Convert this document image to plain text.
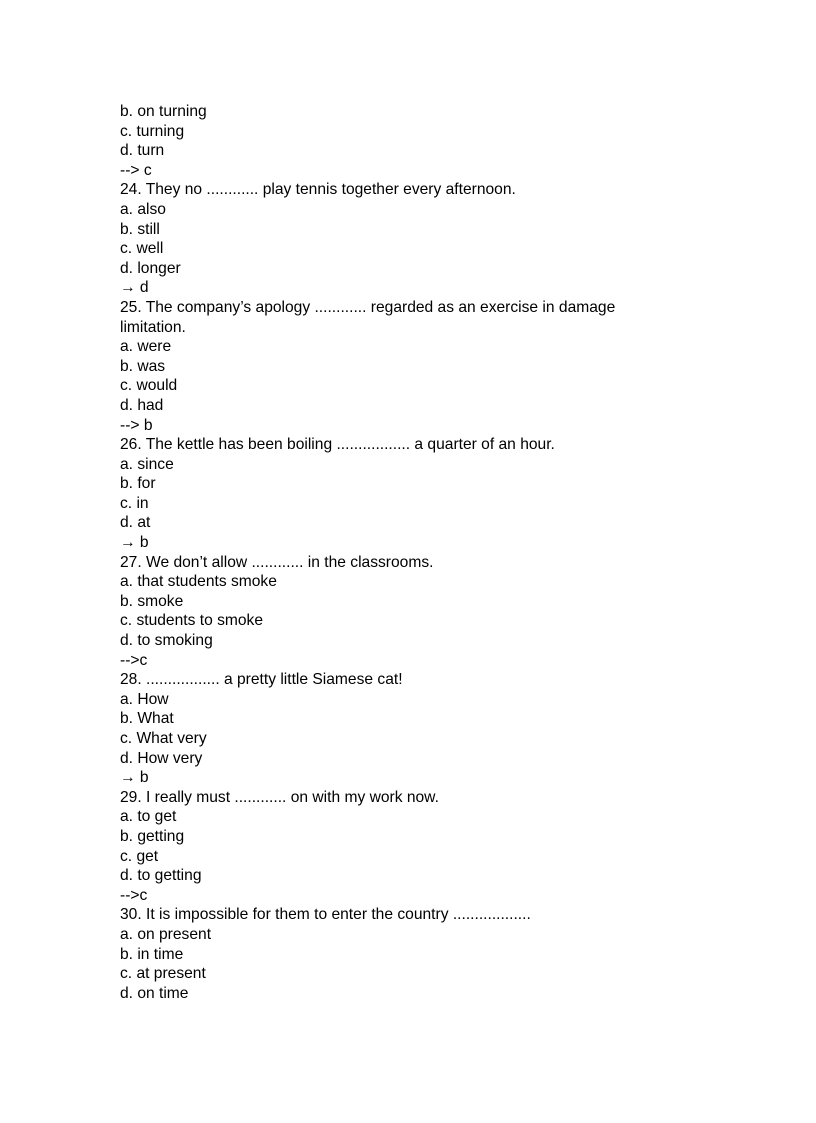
b. on turning
c. turning
d. turn
--> c
24. They no ............ play tennis together every afternoon.
a. also
b. still
c. well
d. longer
→ d
25. The company’s apology ............ regarded as an exercise in damage limitation.
a. were
b. was
c. would
d. had
--> b
26. The kettle has been boiling ................. a quarter of an hour.
a. since
b. for
c. in
d. at
→ b
27. We don’t allow ............ in the classrooms.
a. that students smoke
b. smoke
c. students to smoke
d. to smoking
-->c
28. ................. a pretty little Siamese cat!
a. How
b. What
c. What very
d. How very
→ b
29. I really must ............ on with my work now.
a. to get
b. getting
c. get
d. to getting
-->c
30. It is impossible for them to enter the country ..................
a. on present
b. in time
c. at present
d. on time
